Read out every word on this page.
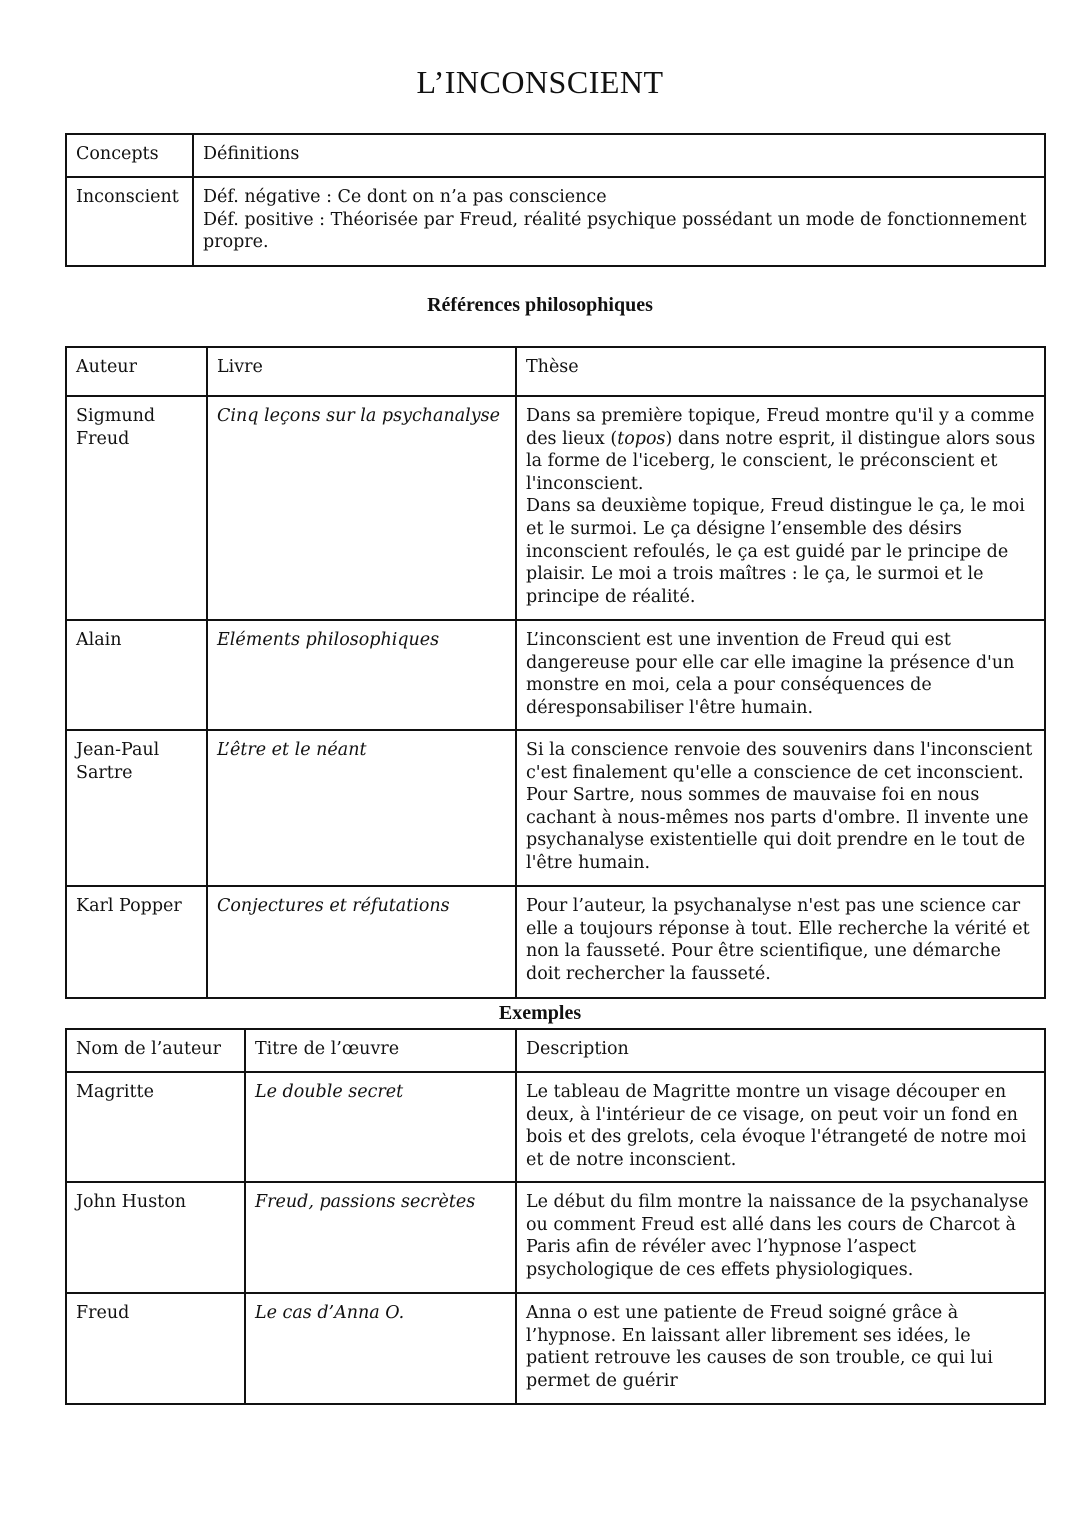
L’INCONSCIENT
Concepts	Définitions
Inconscient	Déf. négative : Ce dont on n’a pas conscience
Déf. positive : Théorisée par Freud, réalité psychique possédant un mode de fonctionnement propre.
Références philosophiques
Auteur	Livre	Thèse
Sigmund Freud	Cinq leçons sur la psychanalyse	Dans sa première topique, Freud montre qu'il y a comme des lieux (topos) dans notre esprit, il distingue alors sous la forme de l'iceberg, le conscient, le préconscient et l'inconscient.
Dans sa deuxième topique, Freud distingue le ça, le moi et le surmoi. Le ça désigne l’ensemble des désirs inconscient refoulés, le ça est guidé par le principe de plaisir. Le moi a trois maîtres : le ça, le surmoi et le principe de réalité.

Alain	Eléments philosophiques	L’inconscient est une invention de Freud qui est dangereuse pour elle car elle imagine la présence d'un monstre en moi, cela a pour conséquences de déresponsabiliser l'être humain.
Jean-Paul Sartre	L’être et le néant	Si la conscience renvoie des souvenirs dans l'inconscient c'est finalement qu'elle a conscience de cet inconscient. Pour Sartre, nous sommes de mauvaise foi en nous cachant à nous-mêmes nos parts d'ombre. Il invente une psychanalyse existentielle qui doit prendre en le tout de l'être humain.
Karl Popper	Conjectures et réfutations	Pour l’auteur, la psychanalyse n'est pas une science car elle a toujours réponse à tout. Elle recherche la vérité et non la fausseté. Pour être scientifique, une démarche doit rechercher la fausseté.
Exemples
Nom de l’auteur	Titre de l’œuvre	Description
Magritte	Le double secret	Le tableau de Magritte montre un visage découper en deux, à l'intérieur de ce visage, on peut voir un fond en bois et des grelots, cela évoque l'étrangeté de notre moi et de notre inconscient.
John Huston	Freud, passions secrètes	Le début du film montre la naissance de la psychanalyse ou comment Freud est allé dans les cours de Charcot à Paris afin de révéler avec l’hypnose l’aspect psychologique de ces effets physiologiques.
Freud	Le cas d’Anna O.	Anna o est une patiente de Freud soigné grâce à l’hypnose. En laissant aller librement ses idées, le patient retrouve les causes de son trouble, ce qui lui permet de guérir
